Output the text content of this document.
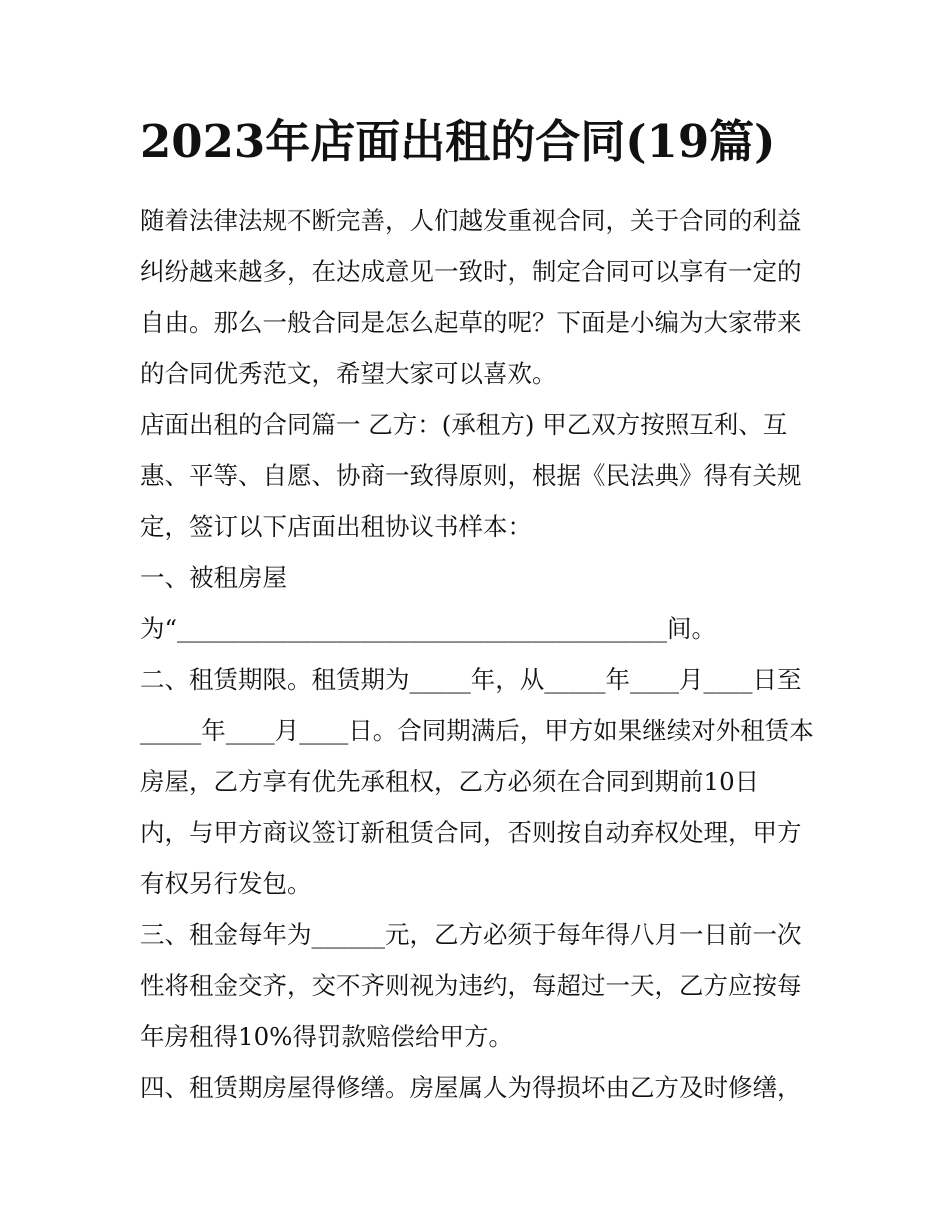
2023年店面出租的合同(19篇)
随着法律法规不断完善，人们越发重视合同，关于合同的利益
纠纷越来越多，在达成意见一致时，制定合同可以享有一定的
自由。那么一般合同是怎么起草的呢？下面是小编为大家带来
的合同优秀范文，希望大家可以喜欢。
店面出租的合同篇一 乙方：(承租方) 甲乙双方按照互利、互
惠、平等、自愿、协商一致得原则，根据《民法典》得有关规
定，签订以下店面出租协议书样本：
一、被租房屋
为“________________________________________间。
二、租赁期限。租赁期为_____年，从_____年____月____日至
_____年____月____日。合同期满后，甲方如果继续对外租赁本
房屋，乙方享有优先承租权，乙方必须在合同到期前10日
内，与甲方商议签订新租赁合同，否则按自动弃权处理，甲方
有权另行发包。
三、租金每年为______元，乙方必须于每年得八月一日前一次
性将租金交齐，交不齐则视为违约，每超过一天，乙方应按每
年房租得10%得罚款赔偿给甲方。
四、租赁期房屋得修缮。房屋属人为得损坏由乙方及时修缮，
